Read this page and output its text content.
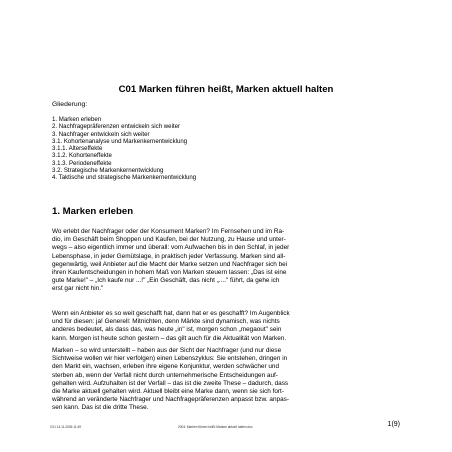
C01 Marken führen heißt, Marken aktuell halten

Gliederung:

1. Marken erleben
2. Nachfragepräferenzen entwickeln sich weiter
3. Nachfrager entwickeln sich weiter
3.1. Kohortenanalyse und Markenkernentwicklung
3.1.1. Alterseffekte
3.1.2. Kohorteneffekte
3.1.3. Periodeneffekte
3.2. Strategische Markenkernentwicklung
4. Taktische und strategische Markenkernentwicklung
1. Marken erleben

Wo erlebt der Nachfrager oder der Konsument Marken? Im Fernsehen und im Ra-
dio, im Geschäft beim Shoppen und Kaufen, bei der Nutzung, zu Hause und unter-
wegs – also eigentlich immer und überall: vom Aufwachen bis in den Schlaf, in jeder
Lebensphase, in jeder Gemütslage, in praktisch jeder Verfassung. Marken sind all-
gegenwärtig, weil Anbieter auf die Macht der Marke setzen und Nachfrager sich bei
ihren Kaufentscheidungen in hohem Maß von Marken steuern lassen: „Das ist eine
gute Marke!" – „Ich kaufe nur ...!" „Ein Geschäft, das nicht „...." führt, da gehe ich
erst gar nicht hin."

Wenn ein Anbieter es so weit geschafft hat, dann hat er es geschafft? Im Augenblick
und für diesen: ja! Generell: Mitnichten, denn Märkte sind dynamisch, was nichts
anderes bedeutet, als dass das, was heute „in" ist, morgen schon „megaout" sein
kann. Morgen ist heute schon gestern – das gilt auch für die Aktualität von Marken.

Marken – so wird unterstellt – haben aus der Sicht der Nachfrager (und nur diese
Sichtweise wollen wir hier verfolgen) einen Lebenszyklus: Sie entstehen, dringen in
den Markt ein, wachsen, erleben ihre eigene Konjunktur, werden schwächer und
sterben ab, wenn der Verfall nicht durch unternehmerische Entscheidungen auf-
gehalten wird. Aufzuhalten ist der Verfall – das ist die zweite These – dadurch, dass
die Marke aktuell gehalten wird. Aktuell bleibt eine Marke dann, wenn sie sich fort-
während an veränderte Nachfrager und Nachfragepräferenzen anpasst bzw. anpas-
sen kann. Das ist die dritte These.

C01 14.11.2006 11:49	2004: Marken führen heißt Marken aktuell halten.doc	1(9)
